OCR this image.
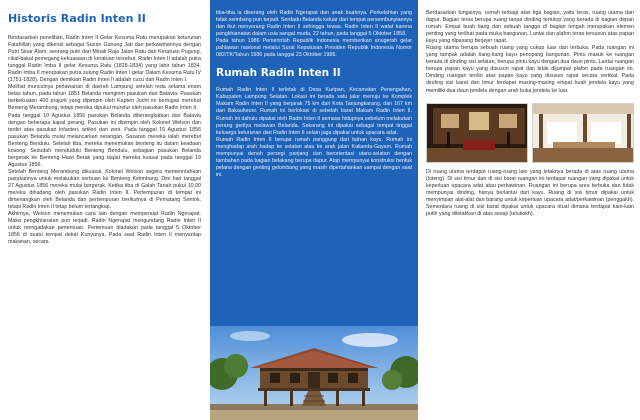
Historis Radin Inten II

Berdasarkan penelitian, Radin Inten II Gelar Kesuma Ratu merupakan keturunan Fatahillah yang dikenal sebagai Sunan Gunung Jati dari perkawinannya dengan Putri Sinar Alam, seorang putri dari Minak Raja Jalan Ratu dari Keratuan Pugung, cikal-bakal pemegang kekuasaan di keratuan tersebut. Radin Inten II adalah putra tunggal Radin Imba II gelar Kesuma Ratu (1828-1834) yang lahir tahun 1834. Radin Imba II merupakan putra sulung Radin Inten I gelar Dalam Kesuma Ratu IV (1751-1828). Dengan demikian Radin Inten II adalah cucu dari Radin Inten I.

Melihat munculnya perlawanan di daerah Lampung setelah reda selama enam belas tahun, pada tahun 1851 Belanda mengirim pasukan dari Batavia. Pasukan berkekuatan 400 prajurit yang dipimpin oleh Kapten Jucht ini bertugas merebut Benteng Merambung, tetapi mereka dipukul mundur oleh pasukan Radin Inten II.

Pada tanggal 10 Agustus 1856 pasukan Belanda diberangkatkan dari Batavia dengan beberapa kapal perang. Pasukan ini dipimpin oleh Kolonel Welson dan terdiri atas pasukan infanteri, artileri dan zeni. Pada tanggal 16 Agustus 1856 pasukan Belanda mulai melancarkan serangan. Sasaran mereka ialah merebut Benteng Bendulu. Setelah tiba, mereka menemukan benteng itu dalam keadaan kosong. Sesudah menduduki Benteng Bendulu, sebagian pasukan Belanda bergerak ke Benteng Hawi Berak yang dapat mereka kuasai pada tanggal 19 Agustus 1856.

Setelah Benteng Merambung dikuasai, Kolonel Welson segera memerintahkan pasukannya untuk melakukan serbuan ke Benteng Ketimbang. Dini hari tanggal 27 Agustus 1856 mereka mulai bergerak. Ketika tiba di Galah Tanah pukul 10.00 mereka dihadang oleh pasukan Radin Inten II. Pertempuran di tempat ini dimenangkan oleh Belanda dan pertempuran berikutnya di Pematang Sentok, tetapi Radin Inten II tetap belum tertangkap.

Akhirnya, Welson menemukan cara lain dengan memperalat Radin Ngerapat. Maka pengkhianatan pun terjadi. Radin Ngerapat mengundang Radin Inten II untuk mengadakan pertemuan. Pertemuan diadakan pada tanggal 5 Oktober 1856 di suatu tempat dekat Kunyanya. Pada saat Radin Inten II menyantap makanan, secara

tiba-tiba ia diserang oleh Radin Ngerapat dan anak buahnya. Perkelahian yang tidak seimbang pun terjadi. Serdadu Belanda keluar dari tempat persembunyiannya dan ikut menyerang Radin Inten II sehingga tewas. Radin Inten II wafat karena pengkhianatan dalam usia sangat muda, 22 tahun, pada tanggal 5 Oktober 1858.

Pada tahun 1986 Pemerintah Republik Indonesia memberikan anugerah gelar pahlawan nasional melalui Surat Keputusan Presiden Republik Indonesia Nomor 082/TK/Tahun 1986 pada tanggal 23 Oktober 1986.

Rumah Radin Inten II

Rumah Radin Inten II terletak di Desa Kuripan, Kecamatan Penengahan, Kabupaten Lampung Selatan. Lokasi ini berada satu jalur menuju ke Komplek Makam Radin Inten II yang berjarak 75 km dari Kota Tanjungkarang, dan 167 km dari Bakauheuni. Rumah ini berlokasi di sebelah barat Makam Radin Inten II. Rumah ini dahulu dipakai oleh Radin Inten II semasa hidupnya sebelum melakukan perang gerilya melawan Belanda. Sekarang ini dipakai sebagai tempat tinggal keluarga keturunan dari Radin Inten II selain juga dipakai untuk upacara adat.

Rumah Radin Inten II berupa rumah panggung dari bahan kayu. Rumah ini menghadap arah hadap ke selatan atau ke arah jalan Kalianda-Gayam. Rumah mempunyai denah persegi panjang dan berorientasi utara-selatan dengan tambahan pada bagian belakang berupa dapur. Atap mempunyai konstruksi bentuk pelana dengan genting gelombang yang masih dipertahankan sampai dengan saat ini.

Berdasarkan fungsinya, rumah terbagi atas tiga bagian, yaitu teras, ruang utama dan dapur. Bagian teras berupa ruang tanpa dinding tertutup yang berada di bagian depan rumah. Empat buah tiang dan sebuah tangga di bagian tengah merupakan elemen penting yang terlihat pada muka bangunan. Lantai dan plafon teras tersusun atas papan kayu yang dipasang berjejer rapat.

Ruang utama berupa sebuah ruang yang cukup luas dan terbuka. Pada ruangan ini yang tampak adalah tiang-tiang kayu penopang bangunan. Pintu masuk ke ruangan berada di dinding sisi selatan, berupa pintu kayu dengan dua daun pintu. Lantai ruangan berupa papan kayu yang disusun rapat dan tidak dijumpai plafon pada ruangan ini. Dinding ruangan terdiri atas papan kayu yang disusun rapat secara vertikal. Pada dinding sisi barat dan timur terdapat masing-masing empat buah jendela kayu yang memiliki dua daun jendela dengan arah buka jendela ke luar.

Di ruang utama terdapat ruang-ruang lain yang letaknya berada di atas ruang utama (loteng). Di sisi timur dan di sisi barat ruangan ini terdapat ruangan yang dipakai untuk keperluan upacara adat atau perkawinan. Ruangan ini berupa area terbuka dan tidak mempunyai dinding, hanya berlantai dari kayu. Ruang di sisi timur dipakai untuk menyimpan alat-alat dan barang untuk keperluan upacara adat/perkawinan (penggakh). Sementara ruang di sisi barat dipakai untuk upacara ritual dimana terdapat kain-kain putih yang diletakkan di atas sesaji (telukokh).
